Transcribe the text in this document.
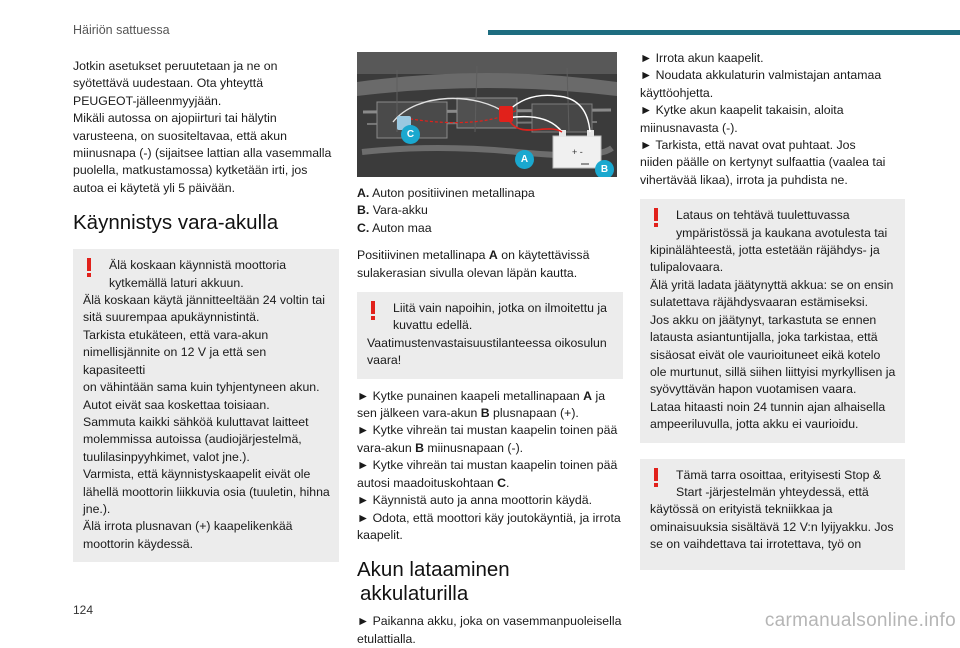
Häiriön sattuessa

Jotkin asetukset peruutetaan ja ne on

syötettävä uudestaan. Ota yhteyttä

PEUGEOT-jälleenmyyjään.

Mikäli autossa on ajopiirturi tai hälytin

varusteena, on suositeltavaa, että akun

miinusnapa (-) (sijaitsee lattian alla vasemmalla

puolella, matkustamossa) kytketään irti, jos

autoa ei käytetä yli 5 päivään.

Käynnistys vara-akulla

Älä koskaan käynnistä moottoria

kytkemällä laturi akkuun.

Älä koskaan käytä jännitteeltään 24 voltin tai

sitä suurempaa apukäynnistintä.

Tarkista etukäteen, että vara-akun

nimellisjännite on 12 V ja että sen kapasiteetti

on vähintään sama kuin tyhjentyneen akun.

Autot eivät saa koskettaa toisiaan.

Sammuta kaikki sähköä kuluttavat laitteet

molemmissa autoissa (audiojärjestelmä,

tuulilasinpyyhkimet, valot jne.).

Varmista, että käynnistyskaapelit eivät ole

lähellä moottorin liikkuvia osia (tuuletin, hihna

jne.).

Älä irrota plusnavan (+) kaapelikenkää

moottorin käydessä.

+ -
C
A
B

A. Auton positiivinen metallinapa

B. Vara-akku

C. Auton maa

Positiivinen metallinapa A on käytettävissä

sulakerasian sivulla olevan läpän kautta.

Liitä vain napoihin, jotka on ilmoitettu ja

kuvattu edellä.

Vaatimustenvastaisuustilanteessa oikosulun

vaara!

► Kytke punainen kaapeli metallinapaan A ja

sen jälkeen vara-akun B plusnapaan (+).

► Kytke vihreän tai mustan kaapelin toinen pää

vara-akun B miinusnapaan (-).

► Kytke vihreän tai mustan kaapelin toinen pää

autosi maadoituskohtaan C.

► Käynnistä auto ja anna moottorin käydä.

► Odota, että moottori käy joutokäyntiä, ja irrota

kaapelit.

Akun lataaminen
akkulaturilla

► Paikanna akku, joka on vasemmanpuoleisella

etulattialla.

► Irrota akun kaapelit.

► Noudata akkulaturin valmistajan antamaa

käyttöohjetta.

► Kytke akun kaapelit takaisin, aloita

miinusnavasta (-).

► Tarkista, että navat ovat puhtaat. Jos

niiden päälle on kertynyt sulfaattia (vaalea tai

vihertävää likaa), irrota ja puhdista ne.

Lataus on tehtävä tuulettuvassa

ympäristössä ja kaukana avotulesta tai

kipinälähteestä, jotta estetään räjähdys- ja

tulipalovaara.

Älä yritä ladata jäätynyttä akkua: se on ensin

sulatettava räjähdysvaaran estämiseksi.

Jos akku on jäätynyt, tarkastuta se ennen

latausta asiantuntijalla, joka tarkistaa, että

sisäosat eivät ole vaurioituneet eikä kotelo

ole murtunut, sillä siihen liittyisi myrkyllisen ja

syövyttävän hapon vuotamisen vaara.

Lataa hitaasti noin 24 tunnin ajan alhaisella

ampeeriluvulla, jotta akku ei vaurioidu.

Tämä tarra osoittaa, erityisesti Stop &

Start -järjestelmän yhteydessä, että

käytössä on erityistä tekniikkaa ja

ominaisuuksia sisältävä 12 V:n lyijyakku. Jos

se on vaihdettava tai irrotettava, työ on

124	carmanualsonline.info
